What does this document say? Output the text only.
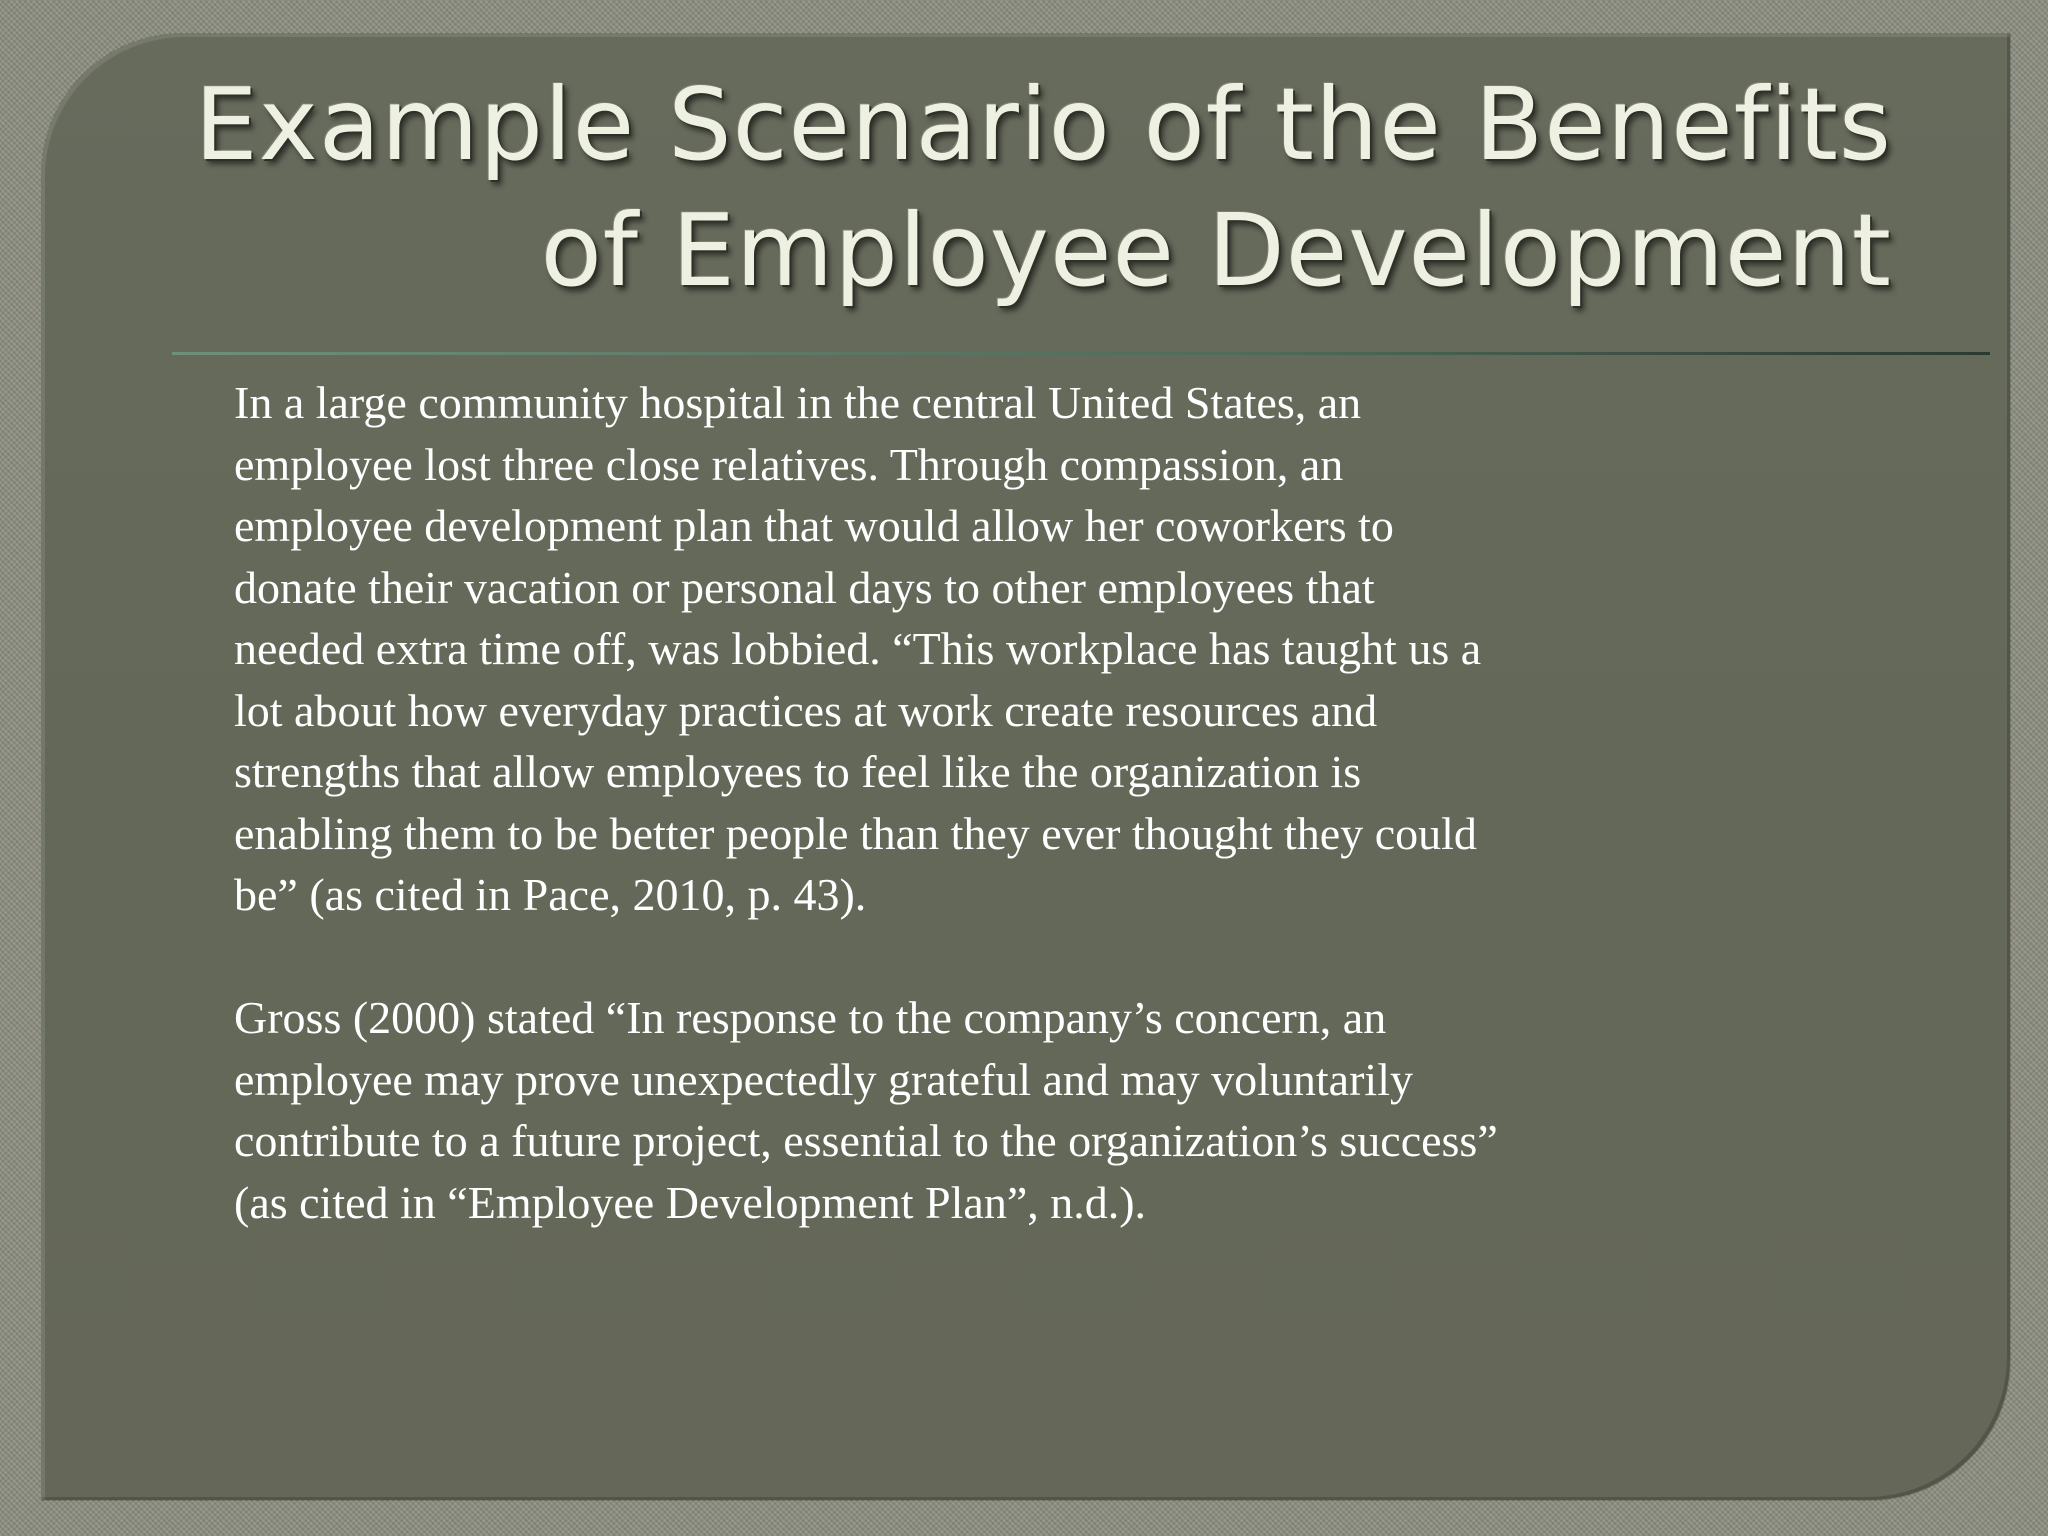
Example Scenario of the Benefits
of Employee Development

In a large community hospital in the central United States, an
employee lost three close relatives. Through compassion, an
employee development plan that would allow her coworkers to
donate their vacation or personal days to other employees that
needed extra time off, was lobbied. “This workplace has taught us a
lot about how everyday practices at work create resources and
strengths that allow employees to feel like the organization is
enabling them to be better people than they ever thought they could
be” (as cited in Pace, 2010, p. 43).

Gross (2000) stated “In response to the company’s concern, an
employee may prove unexpectedly grateful and may voluntarily
contribute to a future project, essential to the organization’s success”
(as cited in “Employee Development Plan”, n.d.).
